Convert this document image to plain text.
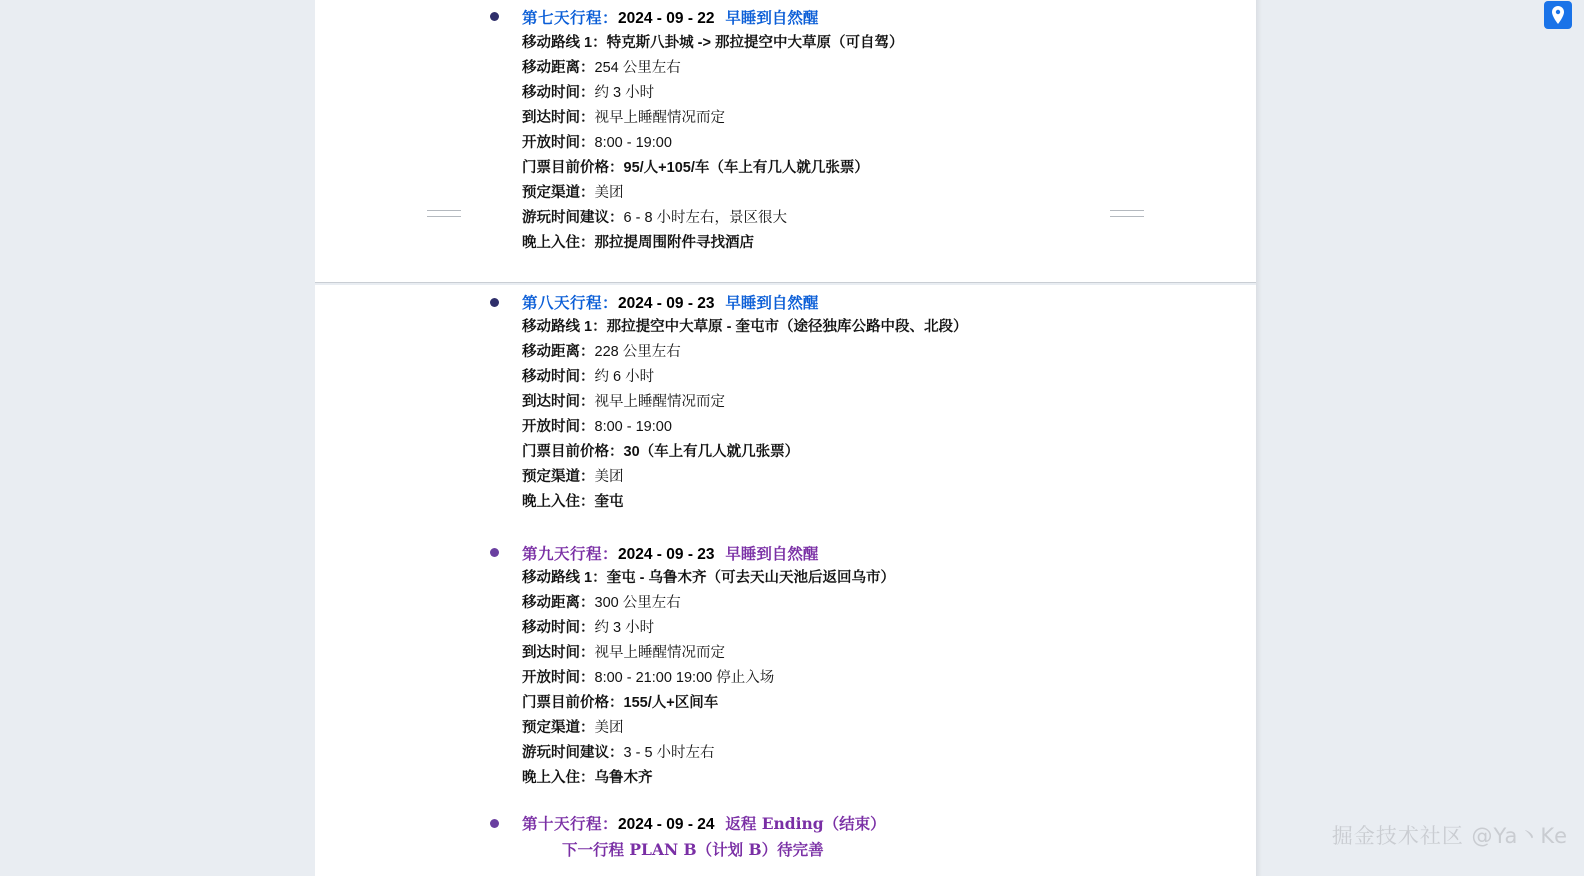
第七天行程：2024 - 09 - 22 早睡到自然醒
移动路线 1：特克斯八卦城 -> 那拉提空中大草原（可自驾）
移动距离：254 公里左右
移动时间：约 3 小时
到达时间：视早上睡醒情况而定
开放时间：8:00 - 19:00
门票目前价格：95/人+105/车（车上有几人就几张票）
预定渠道：美团
游玩时间建议：6 - 8 小时左右，景区很大
晚上入住：那拉提周围附件寻找酒店
第八天行程：2024 - 09 - 23 早睡到自然醒
移动路线 1：那拉提空中大草原 - 奎屯市（途径独库公路中段、北段）
移动距离：228 公里左右
移动时间：约 6 小时
到达时间：视早上睡醒情况而定
开放时间：8:00 - 19:00
门票目前价格：30（车上有几人就几张票）
预定渠道：美团
晚上入住：奎屯
第九天行程：2024 - 09 - 23 早睡到自然醒
移动路线 1：奎屯 - 乌鲁木齐（可去天山天池后返回乌市）
移动距离：300 公里左右
移动时间：约 3 小时
到达时间：视早上睡醒情况而定
开放时间：8:00 - 21:00 19:00 停止入场
门票目前价格：155/人+区间车
预定渠道：美团
游玩时间建议：3 - 5 小时左右
晚上入住：乌鲁木齐
第十天行程：2024 - 09 - 24 返程 Ending（结束）
下一行程 PLAN B（计划 B）待完善
掘金技术社区 @Ya丶Ke
